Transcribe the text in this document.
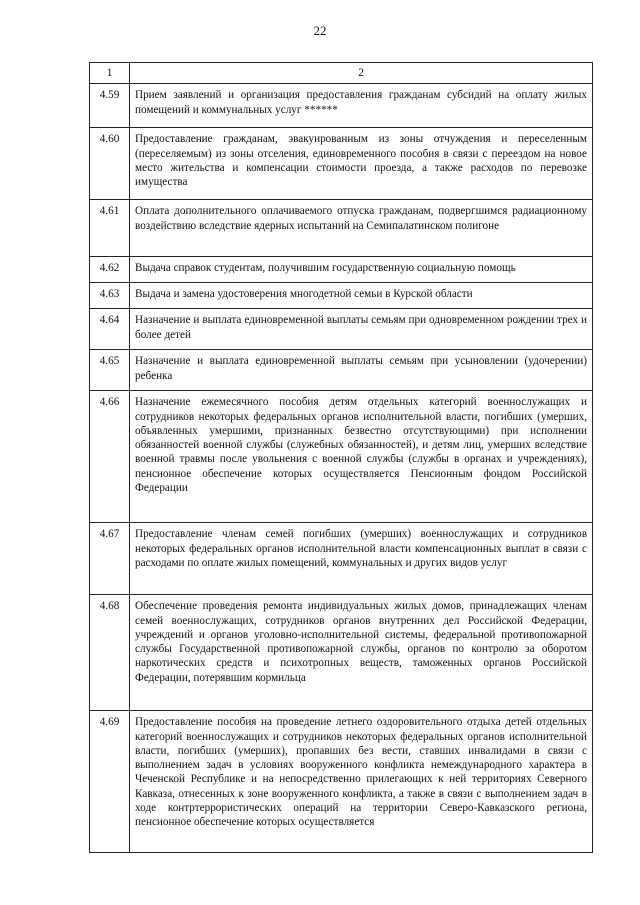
22
1	2
4.59	Прием заявлений и организация предоставления гражданам субсидий на оплату жилых помещений и коммунальных услуг ******
4.60	Предоставление гражданам, эвакуированным из зоны отчуждения и переселенным (переселяемым) из зоны отселения, единовременного пособия в связи с переездом на новое место жительства и компенсации стоимости проезда, а также расходов по перевозке имущества
4.61	Оплата дополнительного оплачиваемого отпуска гражданам, подвергшимся радиационному воздействию вследствие ядерных испытаний на Семипалатинском полигоне
4.62	Выдача справок студентам, получившим государственную социальную помощь
4.63	Выдача и замена удостоверения многодетной семьи в Курской области
4.64	Назначение и выплата единовременной выплаты семьям при одновременном рождении трех и более детей
4.65	Назначение и выплата единовременной выплаты семьям при усыновлении (удочерении) ребенка
4.66	Назначение ежемесячного пособия детям отдельных категорий военнослужащих и сотрудников некоторых федеральных органов исполнительной власти, погибших (умерших, объявленных умершими, признанных безвестно отсутствующими) при исполнении обязанностей военной службы (служебных обязанностей), и детям лиц, умерших вследствие военной травмы после увольнения с военной службы (службы в органах и учреждениях), пенсионное обеспечение которых осуществляется Пенсионным фондом Российской Федерации
4.67	Предоставление членам семей погибших (умерших) военнослужащих и сотрудников некоторых федеральных органов исполнительной власти компенсационных выплат в связи с расходами по оплате жилых помещений, коммунальных и других видов услуг
4.68	Обеспечение проведения ремонта индивидуальных жилых домов, принадлежащих членам семей военнослужащих, сотрудников органов внутренних дел Российской Федерации, учреждений и органов уголовно-исполнительной системы, федеральной противопожарной службы Государственной противопожарной службы, органов по контролю за оборотом наркотических средств и психотропных веществ, таможенных органов Российской Федерации, потерявшим кормильца
4.69	Предоставление пособия на проведение летнего оздоровительного отдыха детей отдельных категорий военнослужащих и сотрудников некоторых федеральных органов исполнительной власти, погибших (умерших), пропавших без вести, ставших инвалидами в связи с выполнением задач в условиях вооруженного конфликта немеждународного характера в Чеченской Республике и на непосредственно прилегающих к ней территориях Северного Кавказа, отнесенных к зоне вооруженного конфликта, а также в связи с выполнением задач в ходе контртеррористических операций на территории Северо-Кавказского региона, пенсионное обеспечение которых осуществляется
